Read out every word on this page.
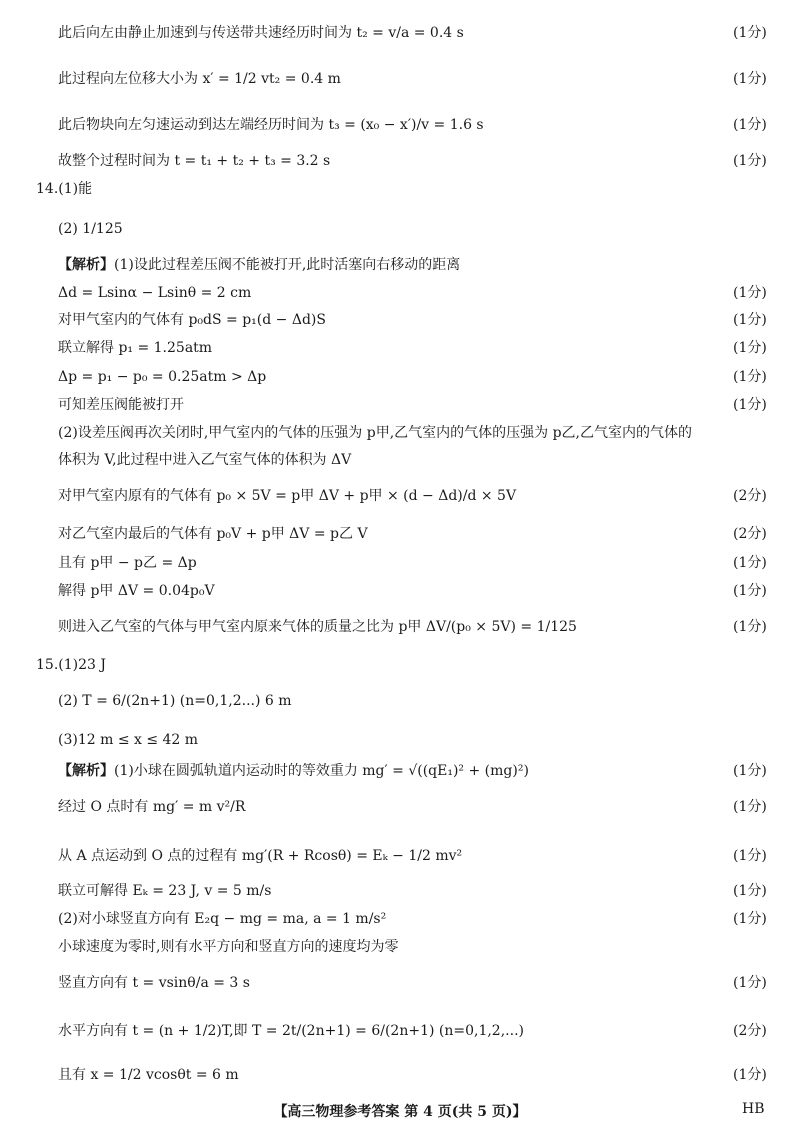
此后向左由静止加速到与传送带共速经历时间为 t₂ = v/a = 0.4 s	(1分)
此过程向左位移大小为 x′ = 1/2 vt₂ = 0.4 m	(1分)
此后物块向左匀速运动到达左端经历时间为 t₃ = (x₀ − x′)/v = 1.6 s	(1分)
故整个过程时间为 t = t₁ + t₂ + t₃ = 3.2 s	(1分)
14.(1)能
(2) 1/125
【解析】(1)设此过程差压阀不能被打开,此时活塞向右移动的距离
Δd = Lsinα − Lsinθ = 2 cm	(1分)
对甲气室内的气体有 p₀dS = p₁(d − Δd)S	(1分)
联立解得 p₁ = 1.25atm	(1分)
Δp = p₁ − p₀ = 0.25atm > Δp	(1分)
可知差压阀能被打开	(1分)
(2)设差压阀再次关闭时,甲气室内的气体的压强为 p甲,乙气室内的气体的压强为 p乙,乙气室内的气体的
体积为 V,此过程中进入乙气室气体的体积为 ΔV
对甲气室内原有的气体有 p₀ × 5V = p甲 ΔV + p甲 × (d − Δd)/d × 5V	(2分)
对乙气室内最后的气体有 p₀V + p甲 ΔV = p乙 V	(2分)
且有 p甲 − p乙 = Δp	(1分)
解得 p甲 ΔV = 0.04p₀V	(1分)
则进入乙气室的气体与甲气室内原来气体的质量之比为 p甲 ΔV/(p₀ × 5V) = 1/125	(1分)
15.(1)23 J
(2) T = 6/(2n+1) (n=0,1,2...) 6 m
(3)12 m ≤ x ≤ 42 m
【解析】(1)小球在圆弧轨道内运动时的等效重力 mg′ = √((qE₁)² + (mg)²)	(1分)
经过 O 点时有 mg′ = m v²/R	(1分)
从 A 点运动到 O 点的过程有 mg′(R + Rcosθ) = Eₖ − 1/2 mv²	(1分)
联立可解得 Eₖ = 23 J, v = 5 m/s	(1分)
(2)对小球竖直方向有 E₂q − mg = ma, a = 1 m/s²	(1分)
小球速度为零时,则有水平方向和竖直方向的速度均为零
竖直方向有 t = vsinθ/a = 3 s	(1分)
水平方向有 t = (n + 1/2)T,即 T = 2t/(2n+1) = 6/(2n+1) (n=0,1,2,...)	(2分)
且有 x = 1/2 vcosθt = 6 m	(1分)
【高三物理参考答案 第 4 页(共 5 页)】	HB
